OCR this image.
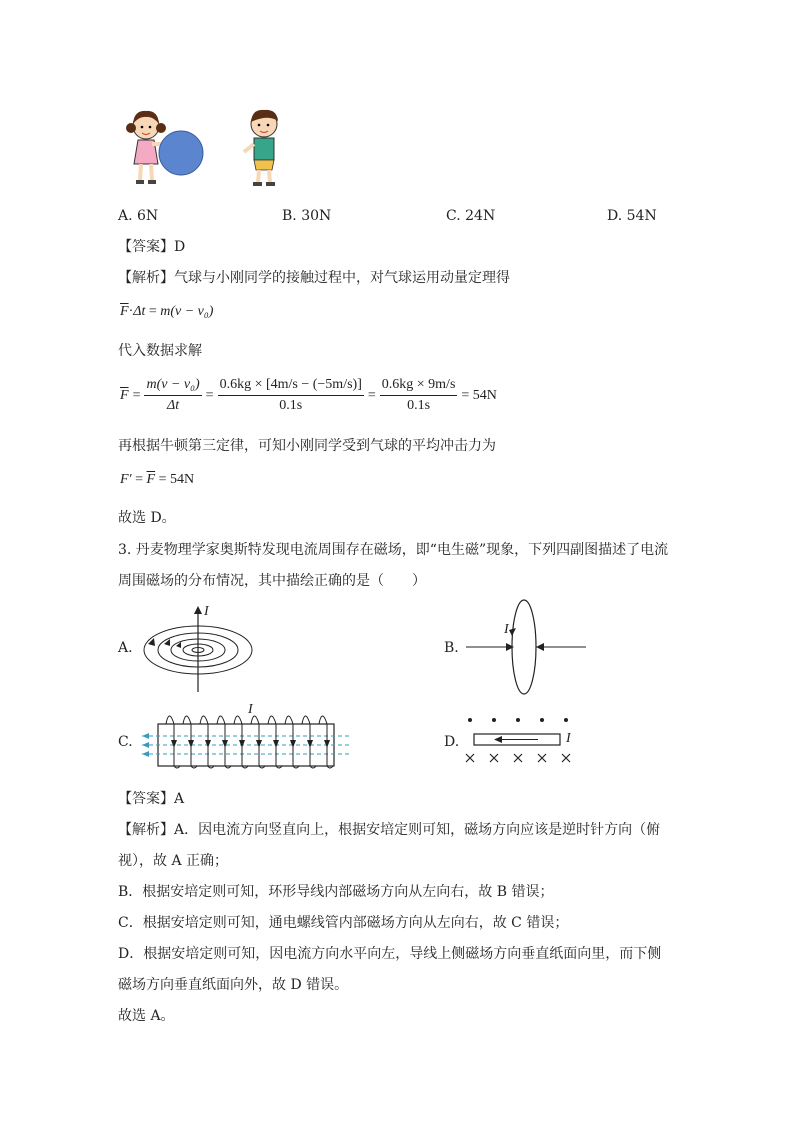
A. 6N	B. 30N	C. 24N	D. 54N
【答案】D
【解析】气球与小刚同学的接触过程中，对气球运用动量定理得
$\overline{F}\cdot\Delta t = m(v - v_0)$
代入数据求解
$\overline{F} = \frac{\text{m(v − v₀)}}{\Delta t} = \frac{0.6kg \times [4m/s - (-5m/s)]}{0.1s} = \frac{0.6kg \times 9m/s}{0.1s} = 54N$
再根据牛顿第三定律，可知小刚同学受到气球的平均冲击力为
$F' = \overline{F} = 54N$
故选 D。
3. 丹麦物理学家奥斯特发现电流周围存在磁场，即“电生磁”现象，下列四副图描述了电流
周围磁场的分布情况，其中描绘正确的是（　　）
A.
I
B.
I
C.
I
D.	I
【答案】A
【解析】A．因电流方向竖直向上，根据安培定则可知，磁场方向应该是逆时针方向（俯
视），故 A 正确；
B．根据安培定则可知，环形导线内部磁场方向从左向右，故 B 错误；
C．根据安培定则可知，通电螺线管内部磁场方向从左向右，故 C 错误；
D．根据安培定则可知，因电流方向水平向左，导线上侧磁场方向垂直纸面向里，而下侧
磁场方向垂直纸面向外，故 D 错误。
故选 A。
